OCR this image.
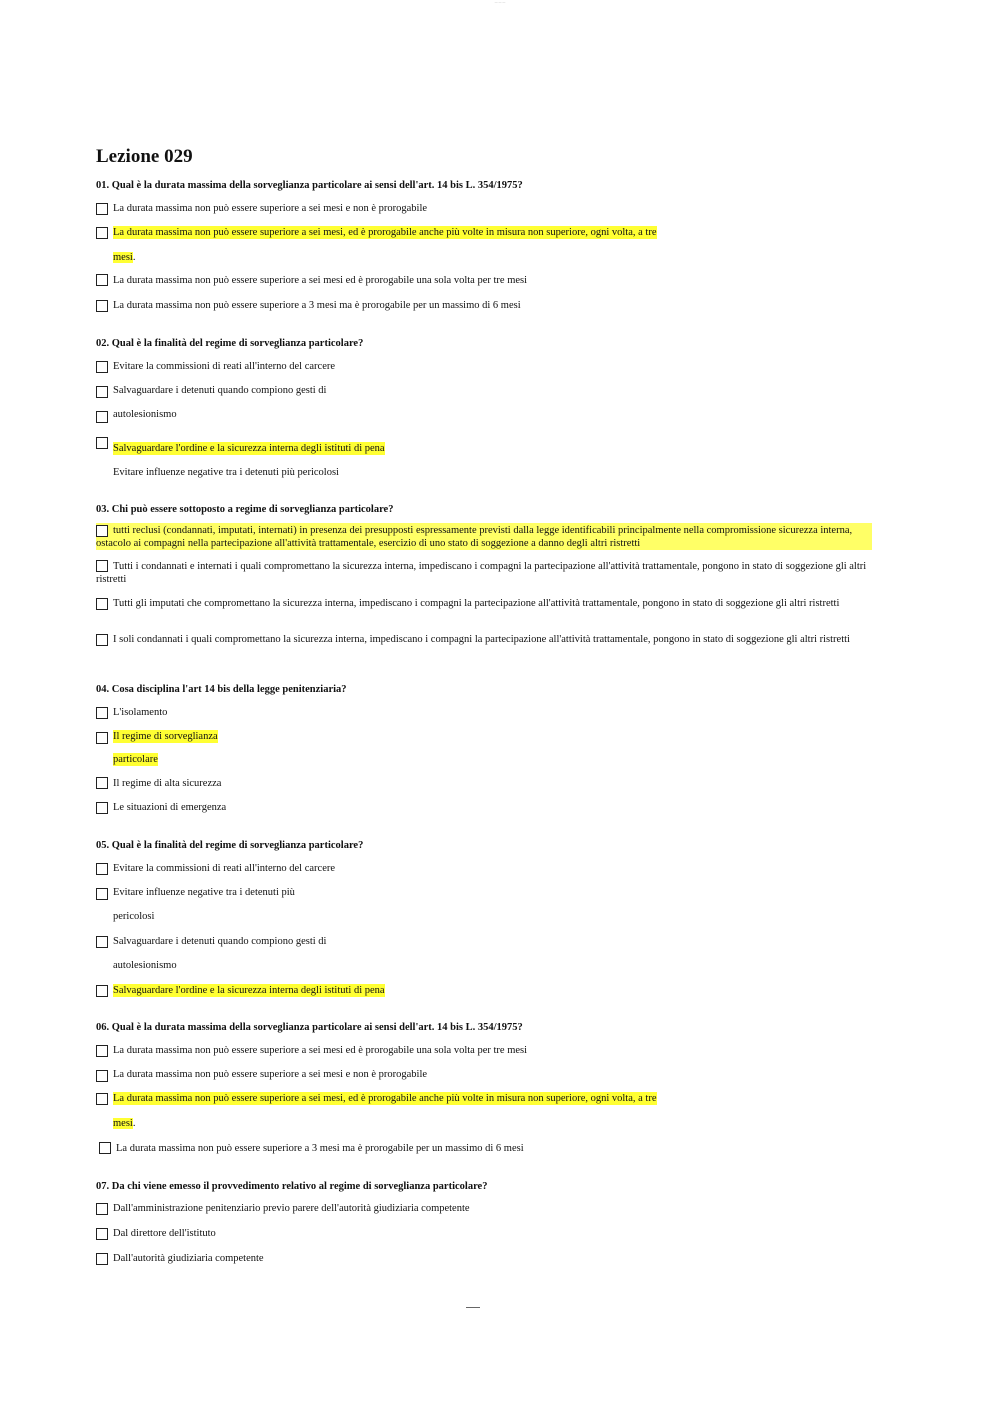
— — —
Lezione 029

01. Qual è la durata massima della sorveglianza particolare ai sensi dell'art. 14 bis L. 354/1975?

La durata massima non può essere superiore a sei mesi e non è prorogabile
La durata massima non può essere superiore a sei mesi, ed è prorogabile anche più volte in misura non superiore, ogni volta, a tre
mesi.
La durata massima non può essere superiore a sei mesi ed è prorogabile una sola volta per tre mesi
La durata massima non può essere superiore a 3 mesi ma è prorogabile per un massimo di 6 mesi

02. Qual è la finalità del regime di sorveglianza particolare?

Evitare la commissioni di reati all'interno del carcere
Salvaguardare i detenuti quando compiono gesti di
autolesionismo
Salvaguardare l'ordine e la sicurezza interna degli istituti di pena
Evitare influenze negative tra i detenuti più pericolosi

03. Chi può essere sottoposto a regime di sorveglianza particolare?

tutti reclusi (condannati, imputati, internati) in presenza dei presupposti espressamente previsti dalla legge identificabili principalmente nella compromissione sicurezza interna, ostacolo ai compagni nella partecipazione all'attività trattamentale, esercizio di uno stato di soggezione a danno degli altri ristretti
Tutti i condannati e internati i quali compromettano la sicurezza interna, impediscano i compagni la partecipazione all'attività trattamentale, pongono in stato di soggezione gli altri ristretti
Tutti gli imputati che compromettano la sicurezza interna, impediscano i compagni la partecipazione all'attività trattamentale, pongono in stato di soggezione gli altri ristretti
I soli condannati i quali compromettano la sicurezza interna, impediscano i compagni la partecipazione all'attività trattamentale, pongono in stato di soggezione gli altri ristretti

04. Cosa disciplina l'art 14 bis della legge penitenziaria?

L'isolamento
Il regime di sorveglianza
particolare
Il regime di alta sicurezza
Le situazioni di emergenza

05. Qual è la finalità del regime di sorveglianza particolare?

Evitare la commissioni di reati all'interno del carcere
Evitare influenze negative tra i detenuti più
pericolosi
Salvaguardare i detenuti quando compiono gesti di
autolesionismo
Salvaguardare l'ordine e la sicurezza interna degli istituti di pena

06. Qual è la durata massima della sorveglianza particolare ai sensi dell'art. 14 bis L. 354/1975?

La durata massima non può essere superiore a sei mesi ed è prorogabile una sola volta per tre mesi
La durata massima non può essere superiore a sei mesi e non è prorogabile
La durata massima non può essere superiore a sei mesi, ed è prorogabile anche più volte in misura non superiore, ogni volta, a tre
mesi.
La durata massima non può essere superiore a 3 mesi ma è prorogabile per un massimo di 6 mesi

07. Da chi viene emesso il provvedimento relativo al regime di sorveglianza particolare?

Dall'amministrazione penitenziario previo parere dell'autorità giudiziaria competente
Dal direttore dell'istituto
Dall'autorità giudiziaria competente
